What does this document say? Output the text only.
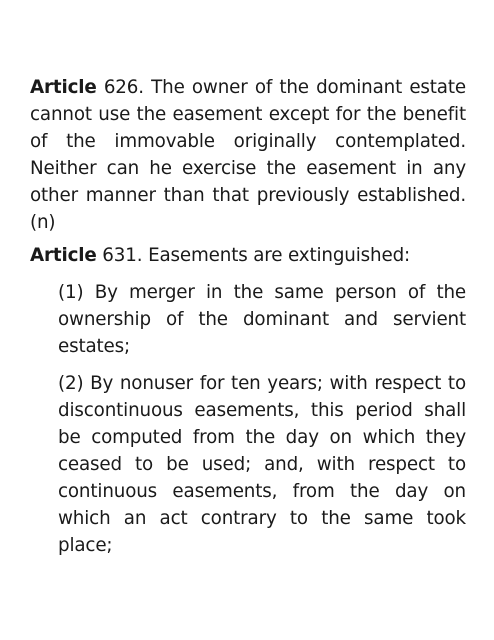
Article 626. The owner of the dominant estate cannot use the easement except for the benefit of the immovable originally contemplated. Neither can he exercise the easement in any other manner than that previously established. (n)

Article 631. Easements are extinguished:

(1) By merger in the same person of the ownership of the dominant and servient estates;

(2) By nonuser for ten years; with respect to discontinuous easements, this period shall be computed from the day on which they ceased to be used; and, with respect to continuous easements, from the day on which an act contrary to the same took place;
